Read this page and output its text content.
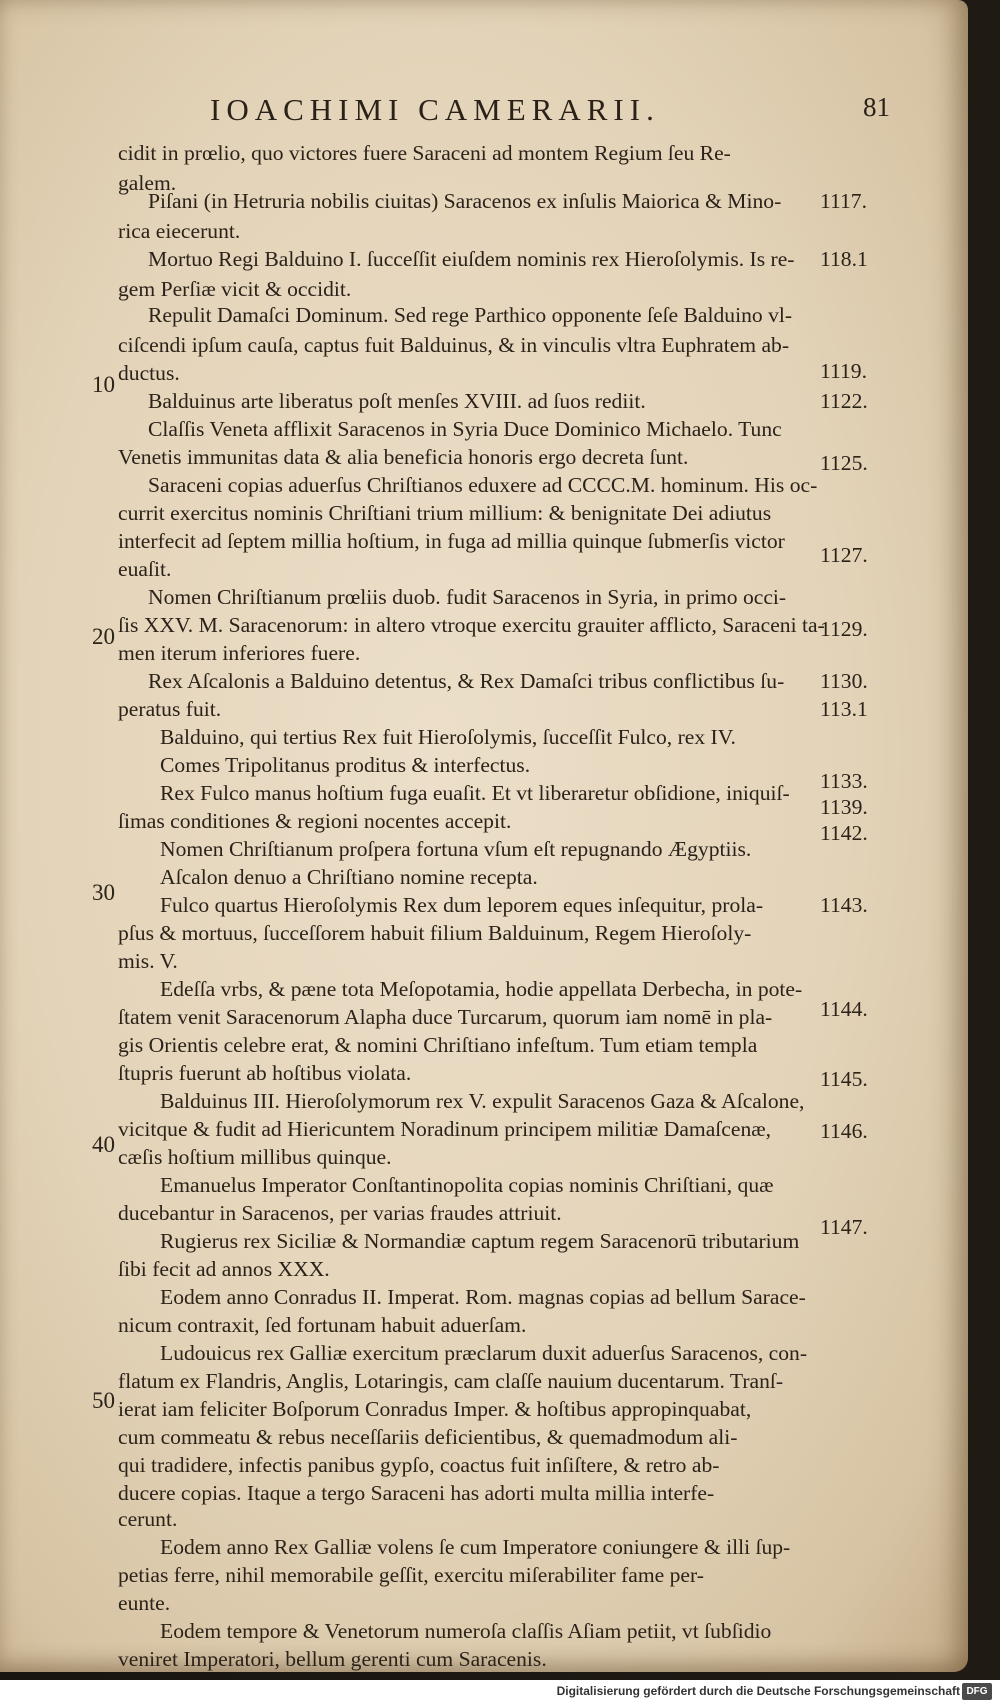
IOACHIMI CAMERARII.	81
cidit in prœlio, quo victores fuere Saraceni ad montem Regium ſeu Re-
galem.
Piſani (in Hetruria nobilis ciuitas) Saracenos ex inſulis Maiorica & Mino-
rica eiecerunt.
Mortuo Regi Balduino I. ſucceſſit eiuſdem nominis rex Hieroſolymis. Is re-
gem Perſiæ vicit & occidit.
Repulit Damaſci Dominum. Sed rege Parthico opponente ſeſe Balduino vl-
ciſcendi ipſum cauſa, captus fuit Balduinus, & in vinculis vltra Euphratem ab-
ductus.
Balduinus arte liberatus poſt menſes XVIII. ad ſuos rediit.
Claſſis Veneta afflixit Saracenos in Syria Duce Dominico Michaelo. Tunc
Venetis immunitas data & alia beneficia honoris ergo decreta ſunt.
Saraceni copias aduerſus Chriſtianos eduxere ad CCCC.M. hominum. His oc-
currit exercitus nominis Chriſtiani trium millium: & benignitate Dei adiutus
interfecit ad ſeptem millia hoſtium, in fuga ad millia quinque ſubmerſis victor
euaſit.
Nomen Chriſtianum prœliis duob. fudit Saracenos in Syria, in primo occi-
ſis XXV. M. Saracenorum: in altero vtroque exercitu grauiter afflicto, Saraceni ta-
men iterum inferiores fuere.
Rex Aſcalonis a Balduino detentus, & Rex Damaſci tribus conflictibus ſu-
peratus fuit.
Balduino, qui tertius Rex fuit Hieroſolymis, ſucceſſit Fulco, rex IV.
Comes Tripolitanus proditus & interfectus.
Rex Fulco manus hoſtium fuga euaſit. Et vt liberaretur obſidione, iniquiſ-
ſimas conditiones & regioni nocentes accepit.
Nomen Chriſtianum proſpera fortuna vſum eſt repugnando Ægyptiis.
Aſcalon denuo a Chriſtiano nomine recepta.
Fulco quartus Hieroſolymis Rex dum leporem eques inſequitur, prola-
pſus & mortuus, ſucceſſorem habuit filium Balduinum, Regem Hieroſoly-
mis. V.
Edeſſa vrbs, & pæne tota Meſopotamia, hodie appellata Derbecha, in pote-
ſtatem venit Saracenorum Alapha duce Turcarum, quorum iam nomē in pla-
gis Orientis celebre erat, & nomini Chriſtiano infeſtum. Tum etiam templa
ſtupris fuerunt ab hoſtibus violata.
Balduinus III. Hieroſolymorum rex V. expulit Saracenos Gaza & Aſcalone,
vicitque & fudit ad Hiericuntem Noradinum principem militiæ Damaſcenæ,
cæſis hoſtium millibus quinque.
Emanuelus Imperator Conſtantinopolita copias nominis Chriſtiani, quæ
ducebantur in Saracenos, per varias fraudes attriuit.
Rugierus rex Siciliæ & Normandiæ captum regem Saracenorū tributarium
ſibi fecit ad annos XXX.
Eodem anno Conradus II. Imperat. Rom. magnas copias ad bellum Sarace-
nicum contraxit, ſed fortunam habuit aduerſam.
Ludouicus rex Galliæ exercitum præclarum duxit aduerſus Saracenos, con-
flatum ex Flandris, Anglis, Lotaringis, cam claſſe nauium ducentarum. Tranſ-
ierat iam feliciter Boſporum Conradus Imper. & hoſtibus appropinquabat,
cum commeatu & rebus neceſſariis deficientibus, & quemadmodum ali-
qui tradidere, infectis panibus gypſo, coactus fuit inſiſtere, & retro ab-
ducere copias. Itaque a tergo Saraceni has adorti multa millia interfe-
cerunt.
Eodem anno Rex Galliæ volens ſe cum Imperatore coniungere & illi ſup-
petias ferre, nihil memorabile geſſit, exercitu miſerabiliter fame per-
eunte.
Eodem tempore & Venetorum numeroſa claſſis Aſiam petiit, vt ſubſidio
veniret Imperatori, bellum gerenti cum Saracenis.
1117.
118.1
1119.
1122.
1125.
1127.
1129.
1130.
113.1
1133.
1139.
1142.
1143.
1144.
1145.
1146.
1147.
10
20
30
40
50
Digitalisierung gefördert durch die Deutsche Forschungsgemeinschaft DFG
